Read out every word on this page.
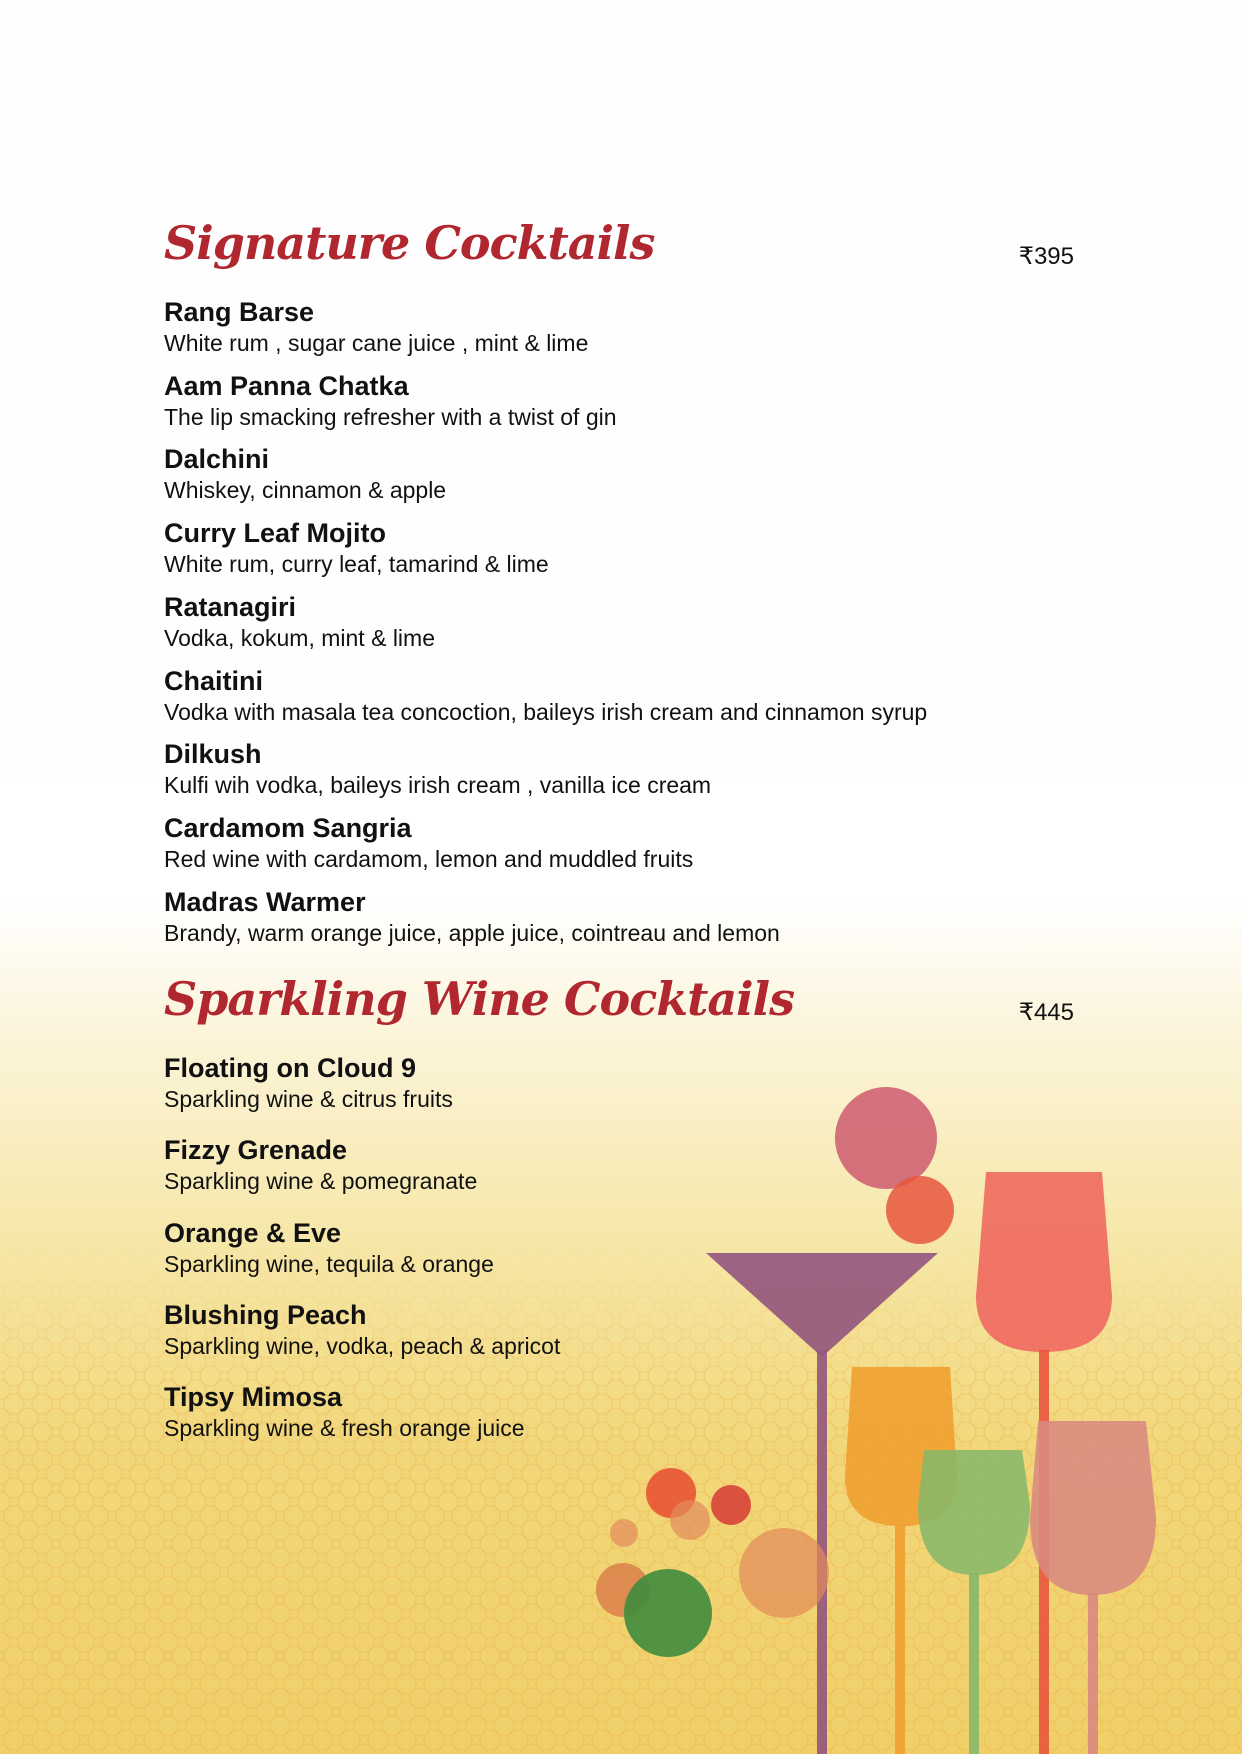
Signature Cocktails	₹395
Rang Barse
White rum , sugar cane juice , mint & lime
Aam Panna Chatka
The lip smacking refresher with a twist of gin
Dalchini
Whiskey, cinnamon & apple
Curry Leaf Mojito
White rum, curry leaf, tamarind & lime
Ratanagiri
Vodka, kokum, mint & lime
Chaitini
Vodka with masala tea concoction, baileys irish cream and cinnamon syrup
Dilkush
Kulfi wih vodka, baileys irish cream , vanilla ice cream
Cardamom Sangria
Red wine with cardamom, lemon and muddled fruits
Madras Warmer
Brandy, warm orange juice, apple juice, cointreau and lemon
Sparkling Wine Cocktails	₹445
Floating on Cloud 9
Sparkling wine & citrus fruits
Fizzy Grenade
Sparkling wine & pomegranate
Orange & Eve
Sparkling wine, tequila & orange
Blushing Peach
Sparkling wine, vodka, peach & apricot
Tipsy Mimosa
Sparkling wine & fresh orange juice
